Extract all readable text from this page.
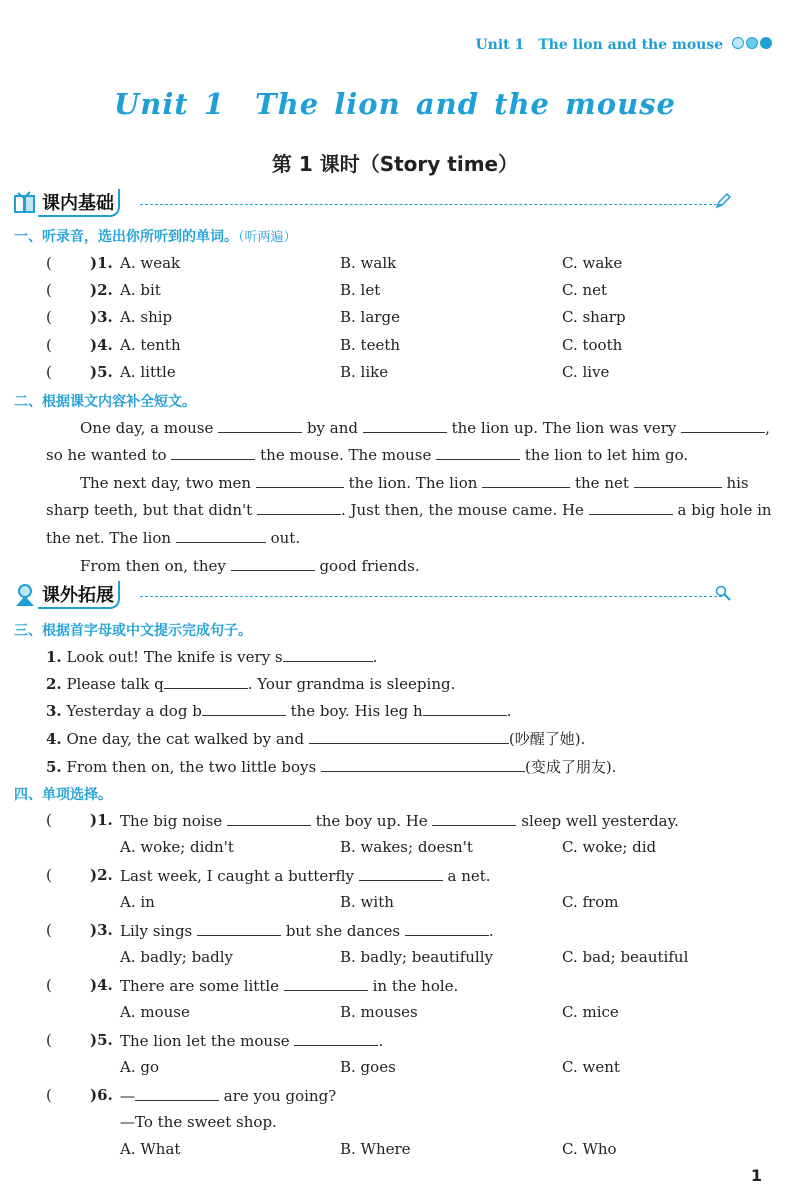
Unit 1　The lion and the mouse
Unit 1　The lion and the mouse
第 1 课时（Story time）
课内基础
一、听录音，选出你所听到的单词。（听两遍）
(	)1. A. weak	B. walk	C. wake
(	)2. A. bit	B. let	C. net
(	)3. A. ship	B. large	C. sharp
(	)4. A. tenth	B. teeth	C. tooth
(	)5. A. little	B. like	C. live
二、根据课文内容补全短文。
One day, a mouse	by and	the lion up. The lion was very	,
so he wanted to	the mouse. The mouse	the lion to let him go.
The next day, two men	the lion. The lion	the net	his
sharp teeth, but that didn't	. Just then, the mouse came. He	a big hole in
the net. The lion	out.
From then on, they	good friends.
课外拓展
三、根据首字母或中文提示完成句子。
1. Look out! The knife is very s	.
2. Please talk q	. Your grandma is sleeping.
3. Yesterday a dog b	the boy. His leg h	.
4. One day, the cat walked by and	(吵醒了她).
5. From then on, the two little boys	(变成了朋友).
四、单项选择。
(	)1. The big noise	the boy up. He	sleep well yesterday.
A. woke; didn't	B. wakes; doesn't	C. woke; did
(	)2. Last week, I caught a butterfly	a net.
A. in	B. with	C. from
(	)3. Lily sings	but she dances	.
A. badly; badly	B. badly; beautifully	C. bad; beautiful
(	)4. There are some little	in the hole.
A. mouse	B. mouses	C. mice
(	)5. The lion let the mouse	.
A. go	B. goes	C. went
(	)6. —	are you going?
—To the sweet shop.
A. What	B. Where	C. Who
1
